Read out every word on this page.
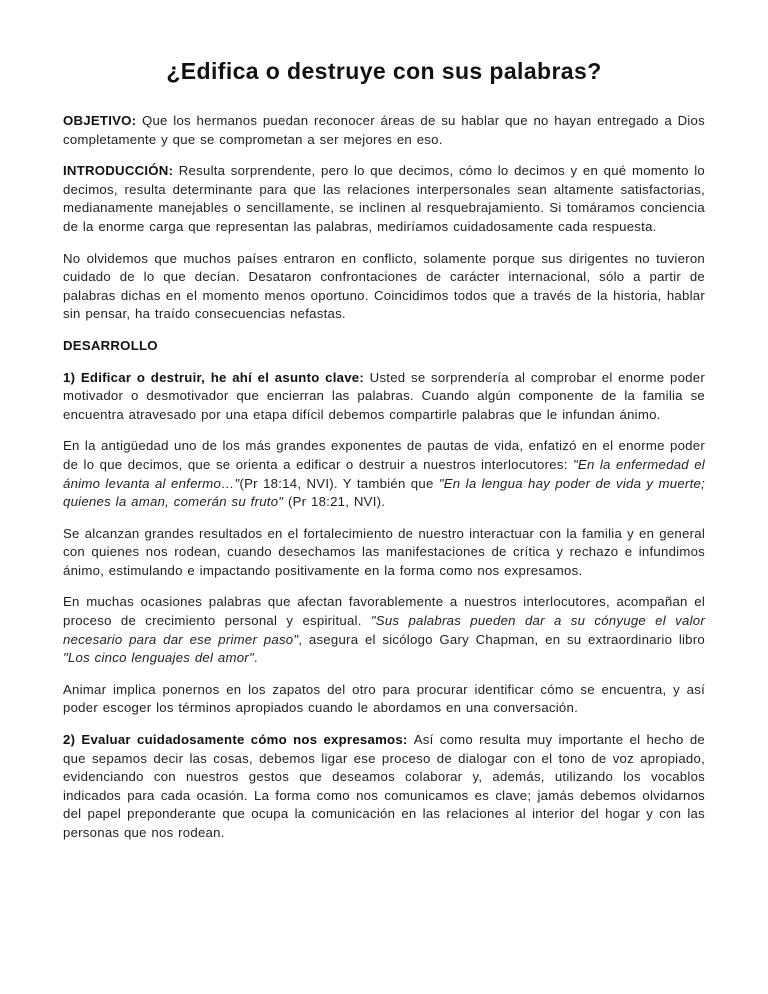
¿Edifica o destruye con sus palabras?

OBJETIVO: Que los hermanos puedan reconocer áreas de su hablar que no hayan entregado a Dios completamente y que se comprometan a ser mejores en eso.

INTRODUCCIÓN: Resulta sorprendente, pero lo que decimos, cómo lo decimos y en qué momento lo decimos, resulta determinante para que las relaciones interpersonales sean altamente satisfactorias, medianamente manejables o sencillamente, se inclinen al resquebrajamiento. Si tomáramos conciencia de la enorme carga que representan las palabras, mediríamos cuidadosamente cada respuesta.

No olvidemos que muchos países entraron en conflicto, solamente porque sus dirigentes no tuvieron cuidado de lo que decían. Desataron confrontaciones de carácter internacional, sólo a partir de palabras dichas en el momento menos oportuno. Coincidimos todos que a través de la historia, hablar sin pensar, ha traído consecuencias nefastas.

DESARROLLO

1) Edificar o destruir, he ahí el asunto clave: Usted se sorprendería al comprobar el enorme poder motivador o desmotivador que encierran las palabras. Cuando algún componente de la familia se encuentra atravesado por una etapa difícil debemos compartirle palabras que le infundan ánimo.

En la antigüedad uno de los más grandes exponentes de pautas de vida, enfatizó en el enorme poder de lo que decimos, que se orienta a edificar o destruir a nuestros interlocutores: "En la enfermedad el ánimo levanta al enfermo…"(Pr 18:14, NVI). Y también que "En la lengua hay poder de vida y muerte; quienes la aman, comerán su fruto" (Pr 18:21, NVI).

Se alcanzan grandes resultados en el fortalecimiento de nuestro interactuar con la familia y en general con quienes nos rodean, cuando desechamos las manifestaciones de crítica y rechazo e infundimos ánimo, estimulando e impactando positivamente en la forma como nos expresamos.

En muchas ocasiones palabras que afectan favorablemente a nuestros interlocutores, acompañan el proceso de crecimiento personal y espiritual. "Sus palabras pueden dar a su cónyuge el valor necesario para dar ese primer paso", asegura el sicólogo Gary Chapman, en su extraordinario libro "Los cinco lenguajes del amor".

Animar implica ponernos en los zapatos del otro para procurar identificar cómo se encuentra, y así poder escoger los términos apropiados cuando le abordamos en una conversación.

2) Evaluar cuidadosamente cómo nos expresamos: Así como resulta muy importante el hecho de que sepamos decir las cosas, debemos ligar ese proceso de dialogar con el tono de voz apropiado, evidenciando con nuestros gestos que deseamos colaborar y, además, utilizando los vocablos indicados para cada ocasión. La forma como nos comunicamos es clave; jamás debemos olvidarnos del papel preponderante que ocupa la comunicación en las relaciones al interior del hogar y con las personas que nos rodean.
